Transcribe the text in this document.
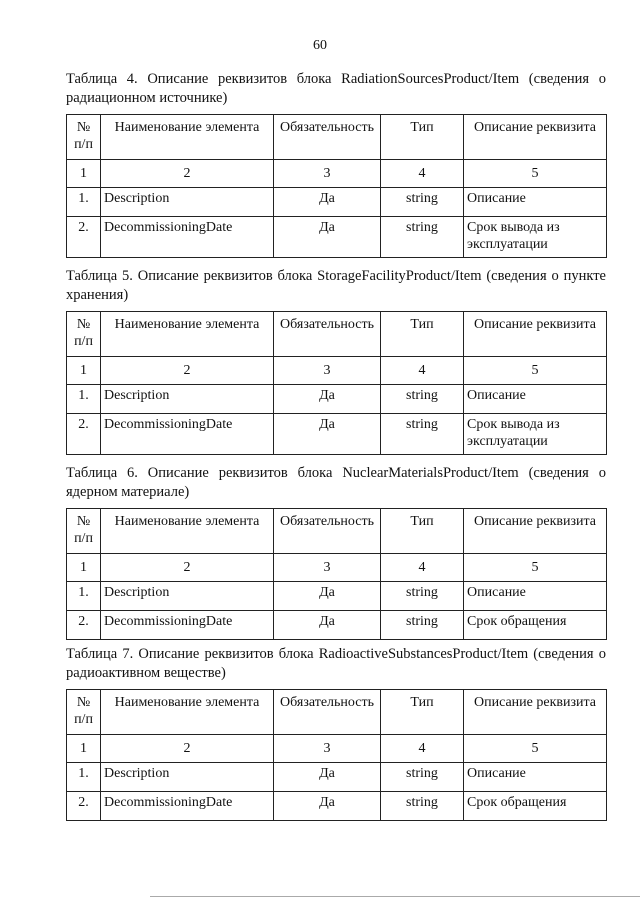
60

Таблица 4. Описание реквизитов блока RadiationSourcesProduct/Item (сведения о радиационном источнике)

№ п/п	Наименование элемента	Обязательность	Тип	Описание реквизита
1	2	3	4	5
1.	Description	Да	string	Описание
2.	DecommissioningDate	Да	string	Срок вывода из эксплуатации

Таблица 5. Описание реквизитов блока StorageFacilityProduct/Item (сведения о пункте хранения)

№ п/п	Наименование элемента	Обязательность	Тип	Описание реквизита
1	2	3	4	5
1.	Description	Да	string	Описание
2.	DecommissioningDate	Да	string	Срок вывода из эксплуатации

Таблица 6. Описание реквизитов блока NuclearMaterialsProduct/Item (сведения о ядерном материале)

№ п/п	Наименование элемента	Обязательность	Тип	Описание реквизита
1	2	3	4	5
1.	Description	Да	string	Описание
2.	DecommissioningDate	Да	string	Срок обращения

Таблица 7. Описание реквизитов блока RadioactiveSubstancesProduct/Item (сведения о радиоактивном веществе)

№ п/п	Наименование элемента	Обязательность	Тип	Описание реквизита
1	2	3	4	5
1.	Description	Да	string	Описание
2.	DecommissioningDate	Да	string	Срок обращения
